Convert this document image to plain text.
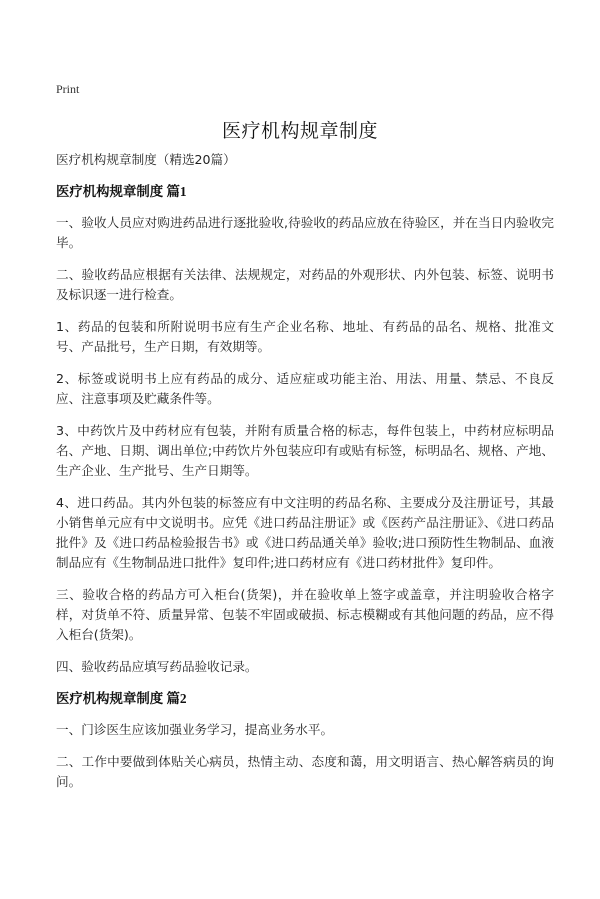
Print
医疗机构规章制度
医疗机构规章制度（精选20篇）
医疗机构规章制度 篇1

一、验收人员应对购进药品进行逐批验收,待验收的药品应放在待验区，并在当日内验收完毕。

二、验收药品应根据有关法律、法规规定，对药品的外观形状、内外包装、标签、说明书及标识逐一进行检查。

1、药品的包装和所附说明书应有生产企业名称、地址、有药品的品名、规格、批准文号、产品批号，生产日期，有效期等。

2、标签或说明书上应有药品的成分、适应症或功能主治、用法、用量、禁忌、不良反应、注意事项及贮藏条件等。

3、中药饮片及中药材应有包装，并附有质量合格的标志，每件包装上，中药材应标明品名、产地、日期、调出单位;中药饮片外包装应印有或贴有标签，标明品名、规格、产地、生产企业、生产批号、生产日期等。

4、进口药品。其内外包装的标签应有中文注明的药品名称、主要成分及注册证号，其最小销售单元应有中文说明书。应凭《进口药品注册证》或《医药产品注册证》、《进口药品批件》及《进口药品检验报告书》或《进口药品通关单》验收;进口预防性生物制品、血液制品应有《生物制品进口批件》复印件;进口药材应有《进口药材批件》复印件。

三、验收合格的药品方可入柜台(货架)，并在验收单上签字或盖章，并注明验收合格字样，对货单不符、质量异常、包装不牢固或破损、标志模糊或有其他问题的药品，应不得入柜台(货架)。

四、验收药品应填写药品验收记录。

医疗机构规章制度 篇2

一、门诊医生应该加强业务学习，提高业务水平。

二、工作中要做到体贴关心病员，热情主动、态度和蔼，用文明语言、热心解答病员的询问。
